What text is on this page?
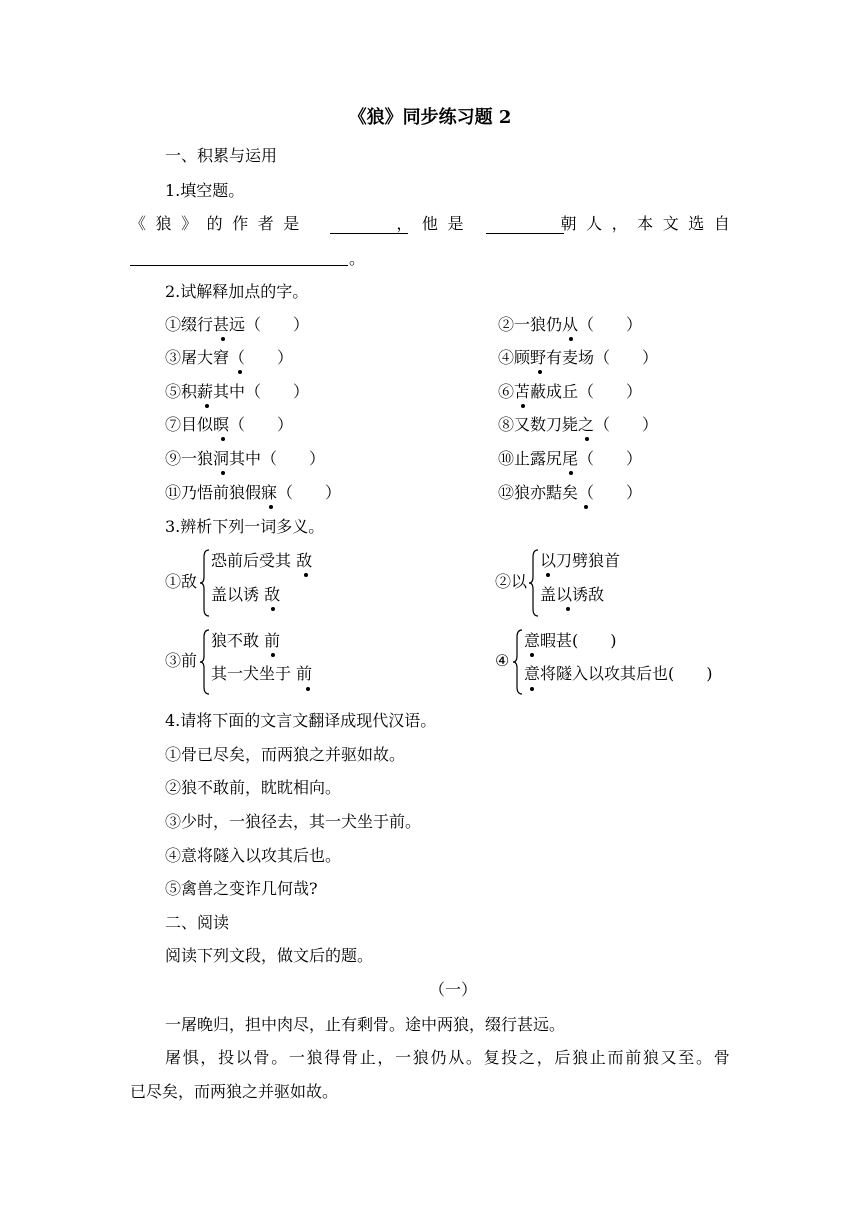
《狼》同步练习题 2
一、积累与运用
1.填空题。
《 狼 》 的 作 者 是	， 他 是	朝 人 ， 本 文 选 自
。
2.试解释加点的字。
①缀行甚远（　　）	②一狼仍从（　　）
③屠大窘（　　）	④顾野有麦场（　　）
⑤积薪其中（　　）	⑥苫蔽成丘（　　）
⑦目似瞑（　　）	⑧又数刀毙之（　　）
⑨一狼洞其中（　　）	⑩止露尻尾（　　）
⑪乃悟前狼假寐（　　）	⑫狼亦黠矣（　　）
3.辨析下列一词多义。
①敌
恐前后受其 敌
盖以诱 敌
②以
以刀劈狼首
盖以诱敌
③前
狼不敢 前
其一犬坐于 前
④
意暇甚(　　)
意将隧入以攻其后也(　　)
4.请将下面的文言文翻译成现代汉语。
①骨已尽矣，而两狼之并驱如故。
②狼不敢前，眈眈相向。
③少时，一狼径去，其一犬坐于前。
④意将隧入以攻其后也。
⑤禽兽之变诈几何哉?
二、阅读
阅读下列文段，做文后的题。
（一）
一屠晚归，担中肉尽，止有剩骨。途中两狼，缀行甚远。
屠惧，投以骨。一狼得骨止，一狼仍从。复投之，后狼止而前狼又至。骨
已尽矣，而两狼之并驱如故。
